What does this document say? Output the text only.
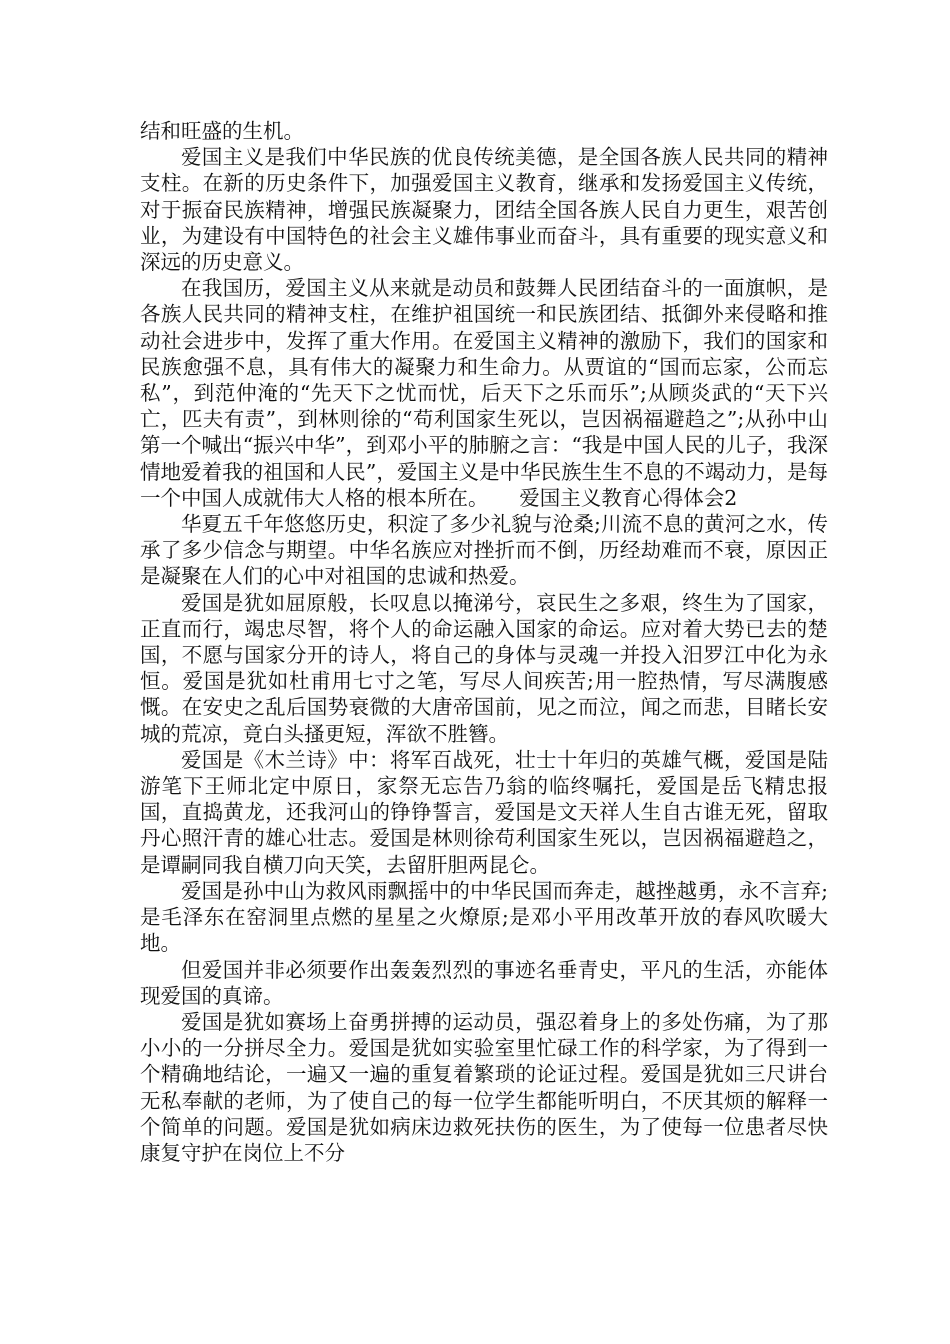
结和旺盛的生机。

爱国主义是我们中华民族的优良传统美德，是全国各族人民共同的精神支柱。在新的历史条件下，加强爱国主义教育，继承和发扬爱国主义传统，对于振奋民族精神，增强民族凝聚力，团结全国各族人民自力更生，艰苦创业，为建设有中国特色的社会主义雄伟事业而奋斗，具有重要的现实意义和深远的历史意义。

在我国历，爱国主义从来就是动员和鼓舞人民团结奋斗的一面旗帜，是各族人民共同的精神支柱，在维护祖国统一和民族团结、抵御外来侵略和推动社会进步中，发挥了重大作用。在爱国主义精神的激励下，我们的国家和民族愈强不息，具有伟大的凝聚力和生命力。从贾谊的“国而忘家，公而忘私”，到范仲淹的“先天下之忧而忧，后天下之乐而乐”;从顾炎武的“天下兴亡，匹夫有责”，到林则徐的“苟利国家生死以，岂因祸福避趋之”;从孙中山第一个喊出“振兴中华”，到邓小平的肺腑之言：“我是中国人民的儿子，我深情地爱着我的祖国和人民”，爱国主义是中华民族生生不息的不竭动力，是每一个中国人成就伟大人格的根本所在。　　爱国主义教育心得体会2

华夏五千年悠悠历史，积淀了多少礼貌与沧桑;川流不息的黄河之水，传承了多少信念与期望。中华名族应对挫折而不倒，历经劫难而不衰，原因正是凝聚在人们的心中对祖国的忠诚和热爱。

爱国是犹如屈原般，长叹息以掩涕兮，哀民生之多艰，终生为了国家，正直而行，竭忠尽智，将个人的命运融入国家的命运。应对着大势已去的楚国，不愿与国家分开的诗人，将自己的身体与灵魂一并投入汨罗江中化为永恒。爱国是犹如杜甫用七寸之笔，写尽人间疾苦;用一腔热情，写尽满腹感慨。在安史之乱后国势衰微的大唐帝国前，见之而泣，闻之而悲，目睹长安城的荒凉，竟白头搔更短，浑欲不胜簪。

爱国是《木兰诗》中：将军百战死，壮士十年归的英雄气概，爱国是陆游笔下王师北定中原日，家祭无忘告乃翁的临终嘱托，爱国是岳飞精忠报国，直捣黄龙，还我河山的铮铮誓言，爱国是文天祥人生自古谁无死，留取丹心照汗青的雄心壮志。爱国是林则徐苟利国家生死以，岂因祸福避趋之，是谭嗣同我自横刀向天笑，去留肝胆两昆仑。

爱国是孙中山为救风雨飘摇中的中华民国而奔走，越挫越勇，永不言弃;是毛泽东在窑洞里点燃的星星之火燎原;是邓小平用改革开放的春风吹暖大地。

但爱国并非必须要作出轰轰烈烈的事迹名垂青史，平凡的生活，亦能体现爱国的真谛。

爱国是犹如赛场上奋勇拼搏的运动员，强忍着身上的多处伤痛，为了那小小的一分拼尽全力。爱国是犹如实验室里忙碌工作的科学家，为了得到一个精确地结论，一遍又一遍的重复着繁琐的论证过程。爱国是犹如三尺讲台无私奉献的老师，为了使自己的每一位学生都能听明白，不厌其烦的解释一个简单的问题。爱国是犹如病床边救死扶伤的医生，为了使每一位患者尽快康复守护在岗位上不分
